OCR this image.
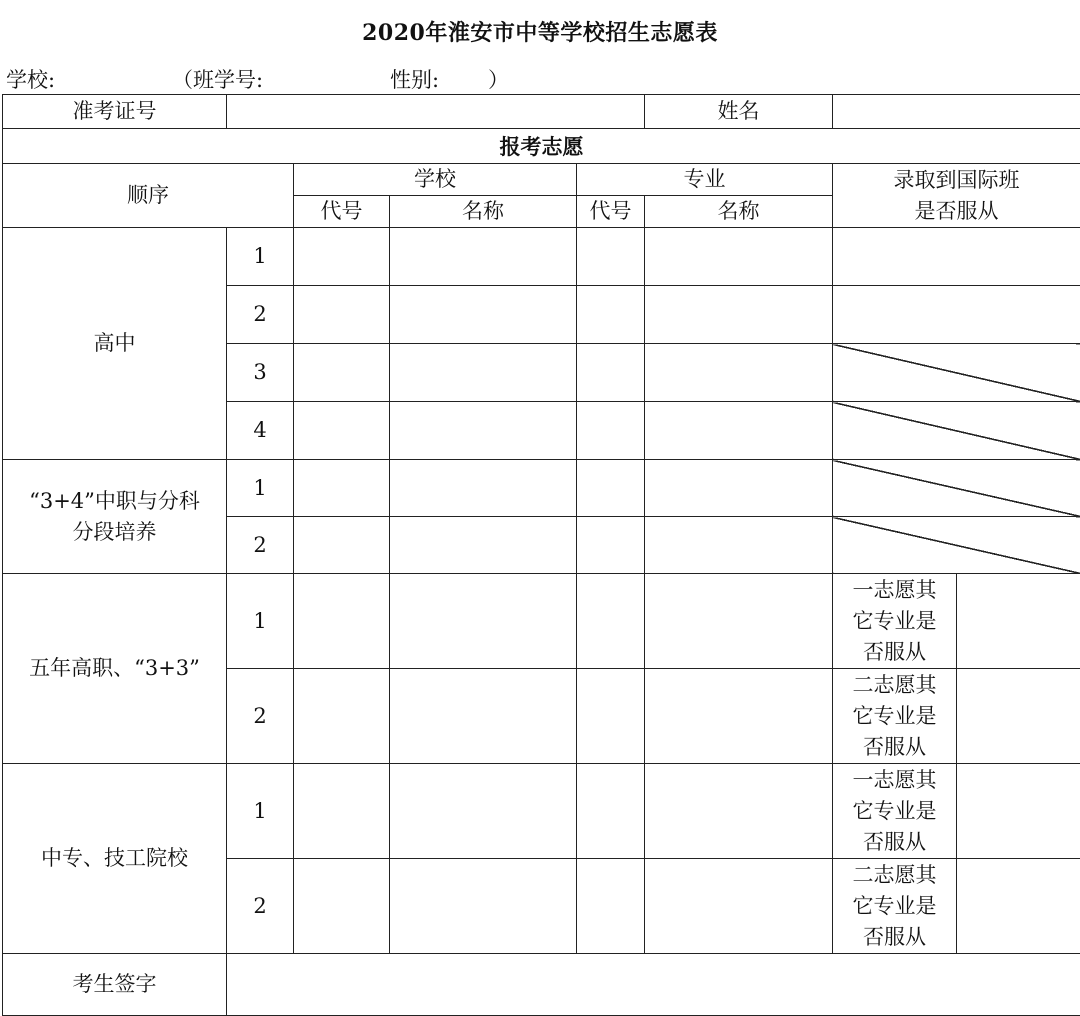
2020年淮安市中等学校招生志愿表
学校:	（班学号:	性别: ）
准考证号					姓名		
报考志愿							
顺序		学校		专业		录取到国际班
是否服从	

		代号	名称	代号	名称		

高中	1						
	2						
	3						
	4						

“3+4”中职与分科
分段培养	1						
	2						

五年高职、“3+3”	1					一志愿其
它专业是
否服从	

	2					二志愿其
它专业是
否服从	

中专、技工院校	1					一志愿其
它专业是
否服从	

	2					二志愿其
它专业是
否服从	

考生签字							
